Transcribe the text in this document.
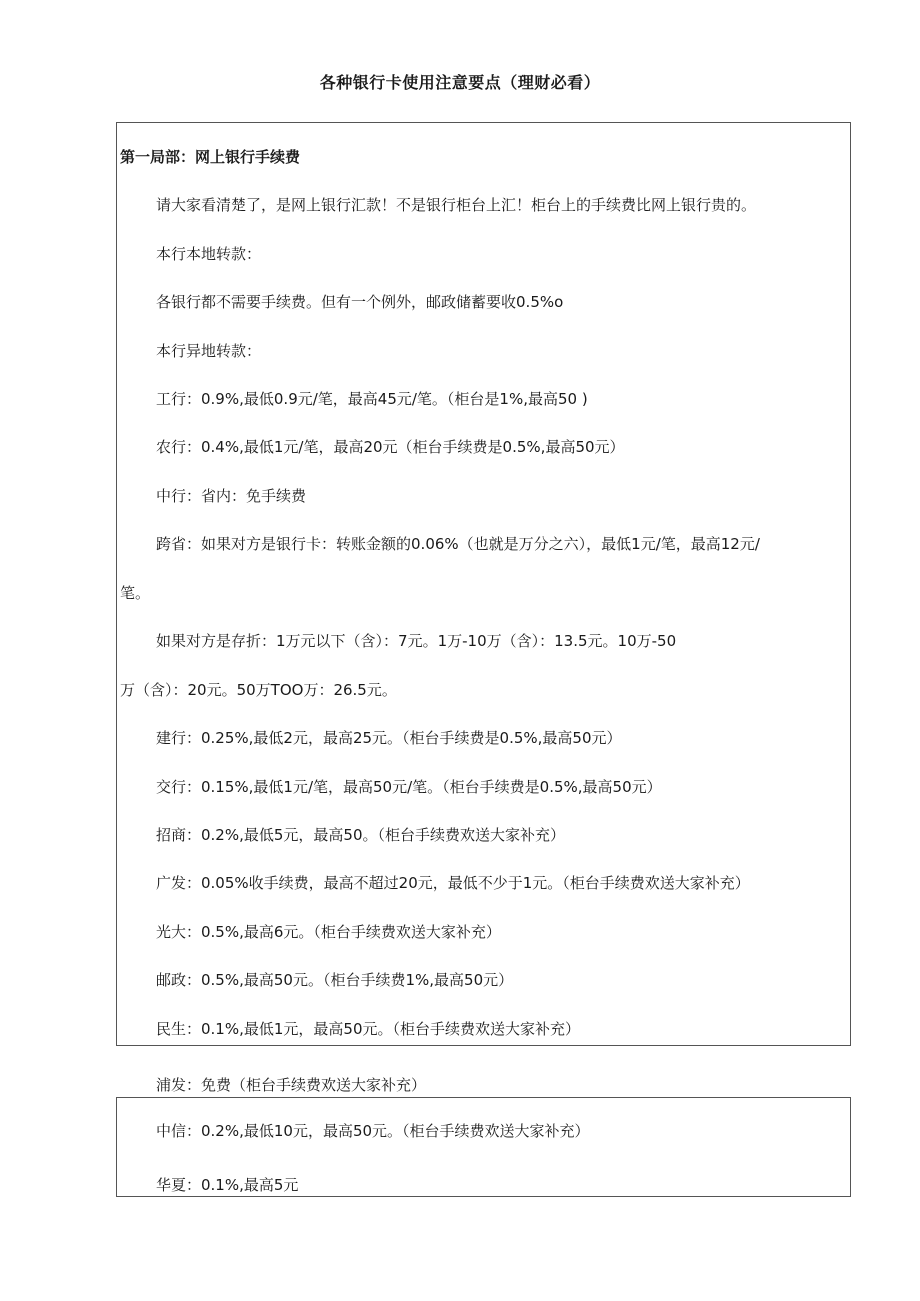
各种银行卡使用注意要点（理财必看）
第一局部：网上银行手续费
请大家看清楚了，是网上银行汇款！不是银行柜台上汇！柜台上的手续费比网上银行贵的。
本行本地转款：
各银行都不需要手续费。但有一个例外，邮政储蓄要收0.5%o
本行异地转款：
工行：0.9%,最低0.9元/笔，最高45元/笔。（柜台是1%,最高50 )
农行：0.4%,最低1元/笔，最高20元（柜台手续费是0.5%,最高50元）
中行：省内：免手续费
跨省：如果对方是银行卡：转账金额的0.06%（也就是万分之六），最低1元/笔，最高12元/
笔。
如果对方是存折：1万元以下（含）：7元。1万-10万（含）：13.5元。10万-50
万（含）：20元。50万TOO万：26.5元。
建行：0.25%,最低2元，最高25元。（柜台手续费是0.5%,最高50元）
交行：0.15%,最低1元/笔，最高50元/笔。（柜台手续费是0.5%,最高50元）
招商：0.2%,最低5元，最高50。（柜台手续费欢送大家补充）
广发：0.05%收手续费，最高不超过20元，最低不少于1元。（柜台手续费欢送大家补充）
光大：0.5%,最高6元。（柜台手续费欢送大家补充）
邮政：0.5%,最高50元。（柜台手续费1%,最高50元）
民生：0.1%,最低1元，最高50元。（柜台手续费欢送大家补充）
浦发：免费（柜台手续费欢送大家补充）
中信：0.2%,最低10元，最高50元。（柜台手续费欢送大家补充）
华夏：0.1%,最高5元
